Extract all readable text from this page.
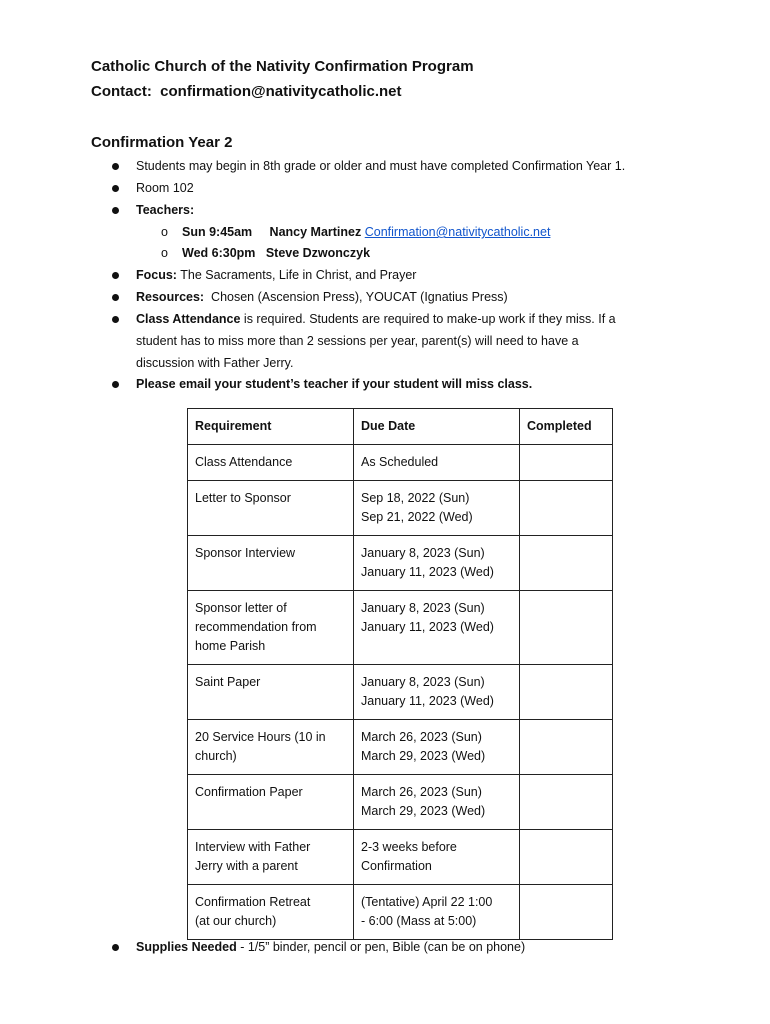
Catholic Church of the Nativity Confirmation Program
Contact: confirmation@nativitycatholic.net
Confirmation Year 2
Students may begin in 8th grade or older and must have completed Confirmation Year 1.
Room 102
Teachers:
o Sun 9:45am Nancy Martinez Confirmation@nativitycatholic.net
o Wed 6:30pm Steve Dzwonczyk
Focus: The Sacraments, Life in Christ, and Prayer
Resources: Chosen (Ascension Press), YOUCAT (Ignatius Press)
Class Attendance is required. Students are required to make-up work if they miss. If a
student has to miss more than 2 sessions per year, parent(s) will need to have a
discussion with Father Jerry.
Please email your student’s teacher if your student will miss class.
Requirement	Due Date	Completed

Class Attendance	As Scheduled	

Letter to Sponsor	Sep 18, 2022 (Sun)
Sep 21, 2022 (Wed)	

Sponsor Interview	January 8, 2023 (Sun)
January 11, 2023 (Wed)	

Sponsor letter of
recommendation from
home Parish	January 8, 2023 (Sun)
January 11, 2023 (Wed)	

Saint Paper	January 8, 2023 (Sun)
January 11, 2023 (Wed)	

20 Service Hours (10 in
church)	March 26, 2023 (Sun)
March 29, 2023 (Wed)	

Confirmation Paper	March 26, 2023 (Sun)
March 29, 2023 (Wed)	

Interview with Father
Jerry with a parent	2-3 weeks before
Confirmation	

Confirmation Retreat
(at our church)	(Tentative) April 22 1:00
- 6:00 (Mass at 5:00)	

Supplies Needed - 1/5” binder, pencil or pen, Bible (can be on phone)
